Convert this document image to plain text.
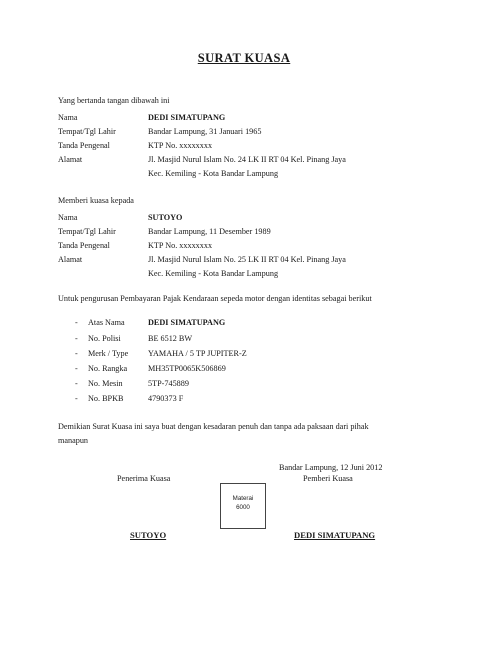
SURAT KUASA
Yang bertanda tangan dibawah ini
Nama	DEDI SIMATUPANG
Tempat/Tgl Lahir	Bandar Lampung, 31 Januari 1965
Tanda Pengenal	KTP No. xxxxxxxx
Alamat	Jl. Masjid Nurul Islam No. 24 LK II RT 04 Kel. Pinang Jaya
Kec. Kemiling - Kota Bandar Lampung
Memberi kuasa kepada
Nama	SUTOYO
Tempat/Tgl Lahir	Bandar Lampung, 11 Desember 1989
Tanda Pengenal	KTP No. xxxxxxxx
Alamat	Jl. Masjid Nurul Islam No. 25 LK II RT 04 Kel. Pinang Jaya
Kec. Kemiling - Kota Bandar Lampung
Untuk pengurusan Pembayaran Pajak Kendaraan sepeda motor dengan identitas sebagai berikut
- Atas Nama	DEDI SIMATUPANG
- No. Polisi	BE 6512 BW
- Merk / Type YAMAHA / 5 TP JUPITER-Z
- No. Rangka	MH35TP0065K506869
- No. Mesin	5TP-745889
- No. BPKB	4790373 F
Demikian Surat Kuasa ini saya buat dengan kesadaran penuh dan tanpa ada paksaan dari pihak
manapun
Bandar Lampung, 12 Juni 2012
Penerima Kuasa	Pemberi Kuasa
Materai
6000
SUTOYO	DEDI SIMATUPANG
